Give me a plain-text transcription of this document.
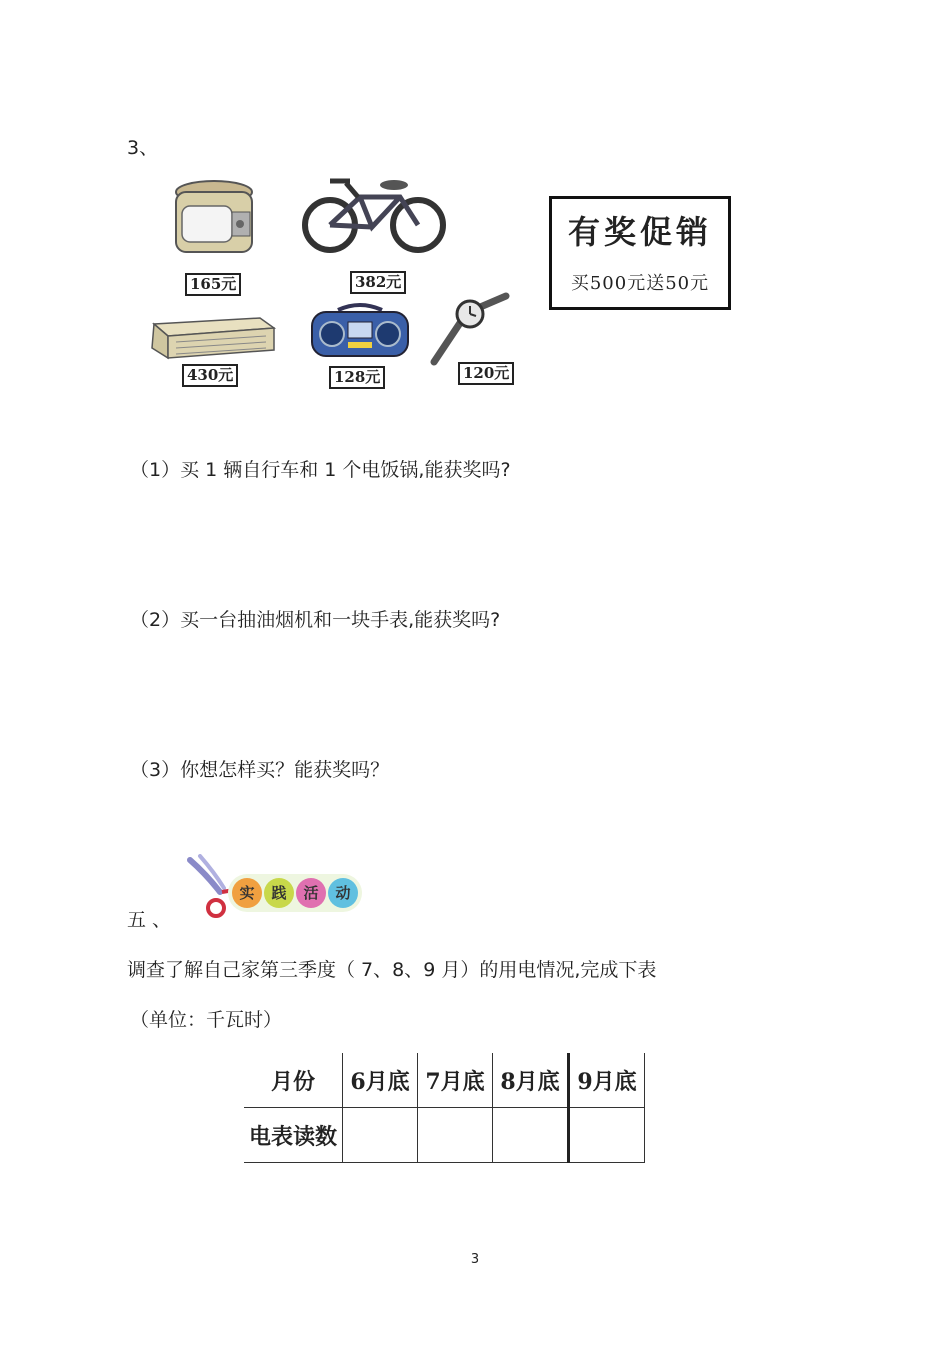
3、
165元	382元
430元	128元	120元
有奖促销
买500元送50元
（1）买 1 辆自行车和 1 个电饭锅,能获奖吗?
（2）买一台抽油烟机和一块手表,能获奖吗?
（3）你想怎样买？能获奖吗？
实	践	活	动
五 、
调查了解自己家第三季度（ 7、8、9 月）的用电情况,完成下表
（单位：千瓦时）
月份	6月底	7月底	8月底	9月底
电表读数				
3
